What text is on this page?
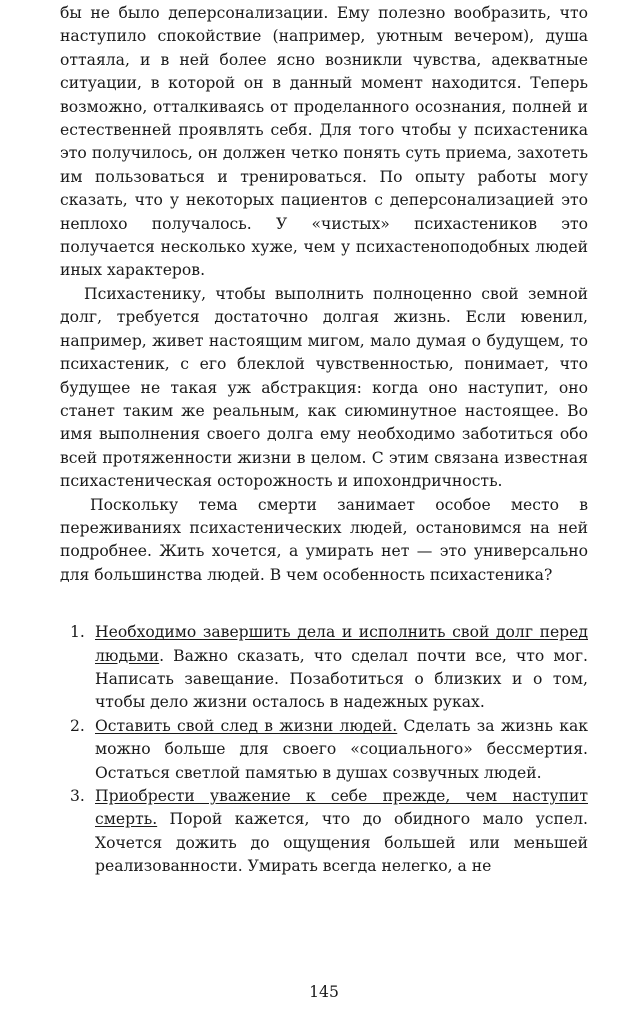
бы не было деперсонализации. Ему полезно вообразить, что наступило спокойствие (например, уютным вечером), душа оттаяла, и в ней более ясно возникли чувства, адекватные ситуации, в которой он в данный момент находится. Теперь возможно, отталкиваясь от проделанного осознания, полней и естественней проявлять себя. Для того чтобы у психастеника это получилось, он должен четко понять суть приема, захотеть им пользоваться и тренироваться. По опыту работы могу сказать, что у некоторых пациентов с деперсонализацией это неплохо получалось. У «чистых» психастеников это получается несколько хуже, чем у психастеноподобных людей иных характеров.

Психастенику, чтобы выполнить полноценно свой земной долг, требуется достаточно долгая жизнь. Если ювенил, например, живет настоящим мигом, мало думая о будущем, то психастеник, с его блеклой чувственностью, понимает, что будущее не такая уж абстракция: когда оно наступит, оно станет таким же реальным, как сиюминутное настоящее. Во имя выполнения своего долга ему необходимо заботиться обо всей протяженности жизни в целом. С этим связана известная психастеническая осторожность и ипохондричность.

Поскольку тема смерти занимает особое место в переживаниях психастенических людей, остановимся на ней подробнее. Жить хочется, а умирать нет — это универсально для большинства людей. В чем особенность психастеника?

1. Необходимо завершить дела и исполнить свой долг перед людьми. Важно сказать, что сделал почти все, что мог. Написать завещание. Позаботиться о близких и о том, чтобы дело жизни осталось в надежных руках.
2. Оставить свой след в жизни людей. Сделать за жизнь как можно больше для своего «социального» бессмертия. Остаться светлой памятью в душах созвучных людей.
3. Приобрести уважение к себе прежде, чем наступит смерть. Порой кажется, что до обидного мало успел. Хочется дожить до ощущения большей или меньшей реализованности. Умирать всегда нелегко, а не
145
